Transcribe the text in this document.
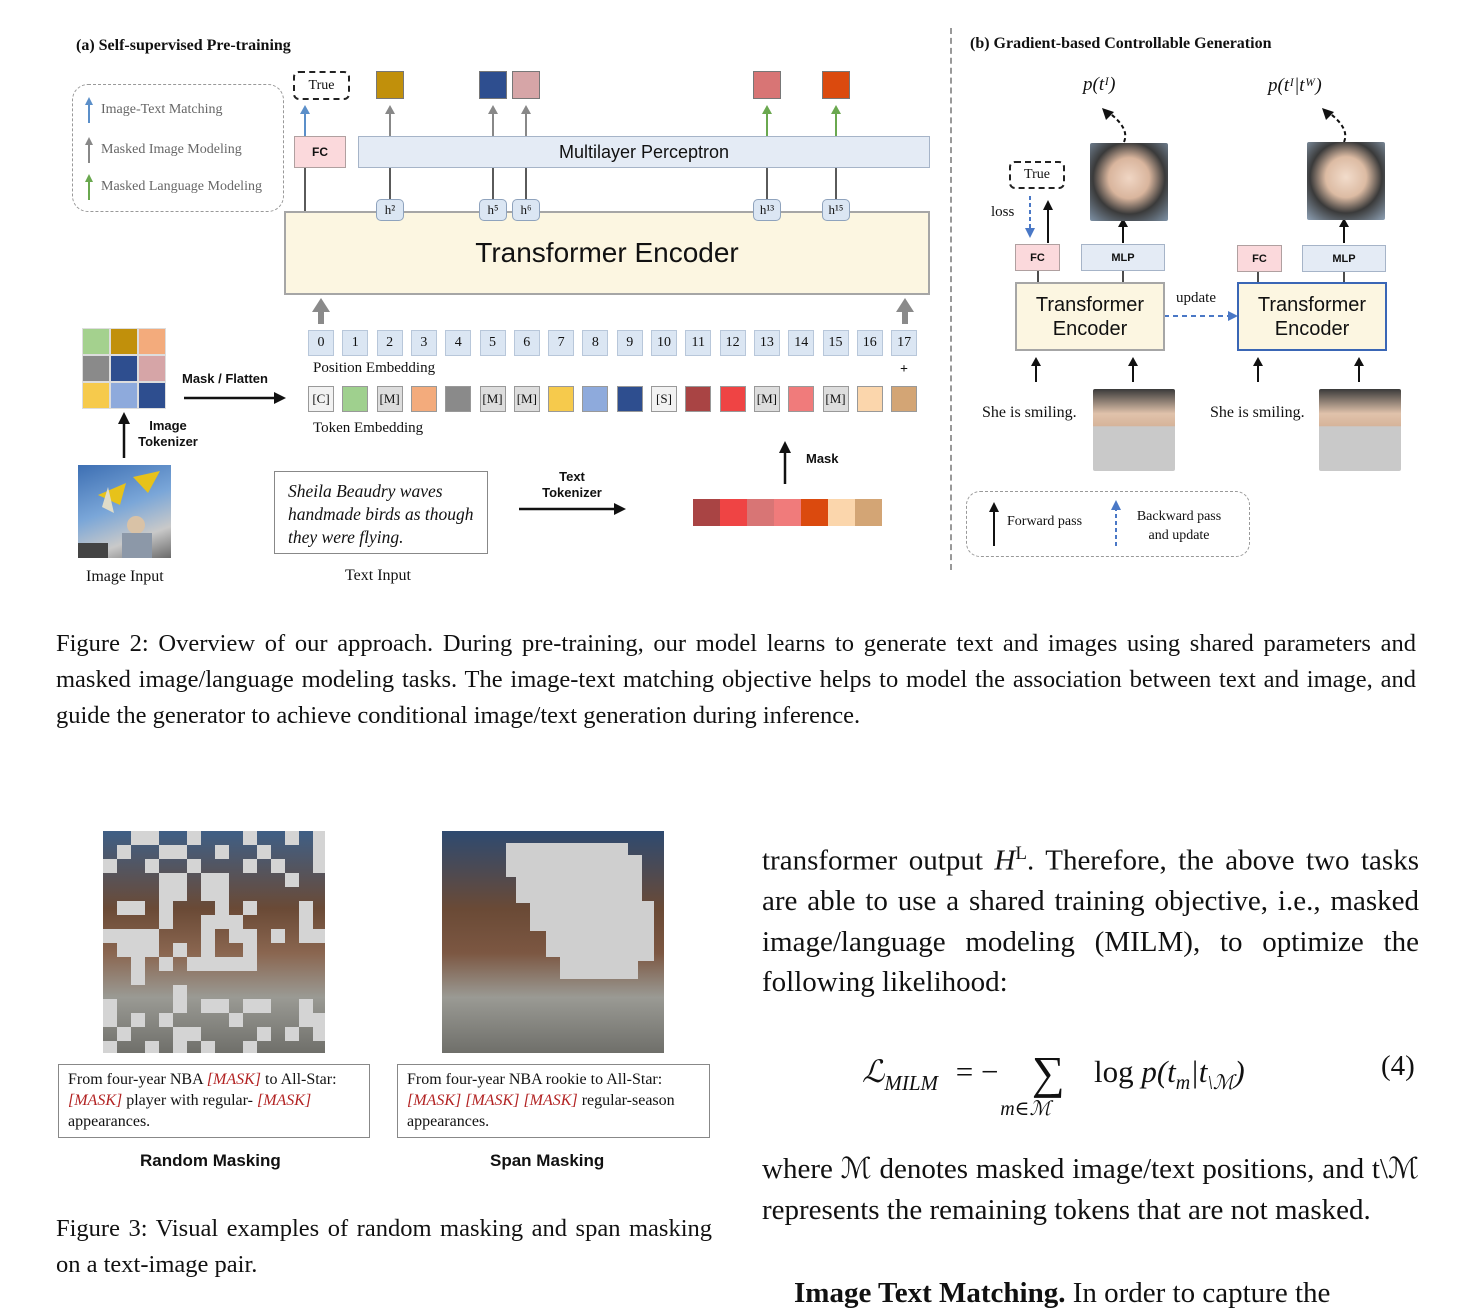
(a) Self-supervised Pre-training
Image-Text Matching
Masked Image Modeling
Masked Language Modeling
True
FC	Multilayer Perceptron
Transformer Encoder
h²	h⁵	h⁶	h¹³	h¹⁵
0	1	2	3	4	5	6	7	8	9	10	11	12	13	14	15	16	17
Position Embedding	+
[C]	[M]	[M] [M]	[S]	[M]	[M]
Token Embedding
Mask / Flatten
Image Tokenizer
Image Input
Sheila Beaudry waves handmade birds as though they were flying.
Text Input
Text Tokenizer
Mask
(b) Gradient-based Controllable Generation
p(tᴵ)	p(tᴵ|tᵂ)
True
loss
FC	MLP	FC	MLP
Transformer Encoder
Transformer Encoder
update
She is smiling.	She is smiling.
Forward pass	Backward pass and update
Figure 2: Overview of our approach. During pre-training, our model learns to generate text and images using shared parameters and masked image/language modeling tasks. The image-text matching objective helps to model the association between text and image, and guide the generator to achieve conditional image/text generation during inference.
From four-year NBA [MASK] to All-Star: [MASK] player with regular- [MASK] appearances.
From four-year NBA rookie to All-Star: [MASK] [MASK] [MASK] regular-season appearances.
Random Masking	Span Masking
Figure 3: Visual examples of random masking and span masking on a text-image pair.
transformer output $H^L$. Therefore, the above two tasks are able to use a shared training objective, i.e., masked image/language modeling (MILM), to optimize the following likelihood:
ℒ$_{MILM}$ = − ∑
m∈ℳ
$\log p(t_m|t_{\backslash ℳ})$	(4)
where ℳ denotes masked image/text positions, and t\ℳ represents the remaining tokens that are not masked.
Image Text Matching. In order to capture the
